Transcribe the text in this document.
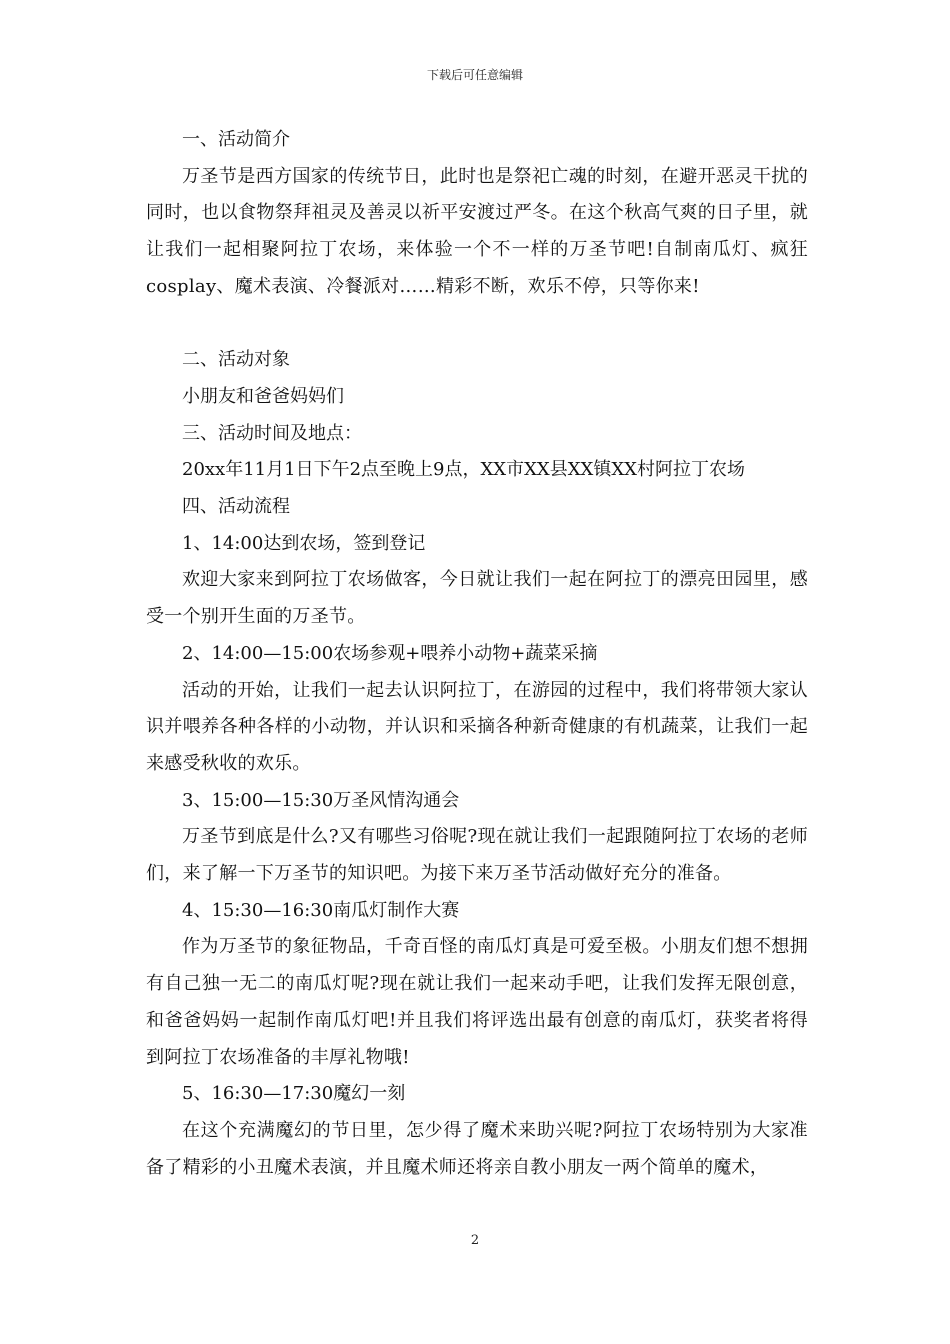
下载后可任意编辑

一、活动简介

万圣节是西方国家的传统节日，此时也是祭祀亡魂的时刻，在避开恶灵干扰的同时，也以食物祭拜祖灵及善灵以祈平安渡过严冬。在这个秋高气爽的日子里，就让我们一起相聚阿拉丁农场，来体验一个不一样的万圣节吧!自制南瓜灯、疯狂cosplay、魔术表演、冷餐派对……精彩不断，欢乐不停，只等你来!

二、活动对象

小朋友和爸爸妈妈们

三、活动时间及地点：

20xx年11月1日下午2点至晚上9点，XX市XX县XX镇XX村阿拉丁农场

四、活动流程

1、14:00达到农场，签到登记

欢迎大家来到阿拉丁农场做客，今日就让我们一起在阿拉丁的漂亮田园里，感受一个别开生面的万圣节。

2、14:00—15:00农场参观+喂养小动物+蔬菜采摘

活动的开始，让我们一起去认识阿拉丁，在游园的过程中，我们将带领大家认识并喂养各种各样的小动物，并认识和采摘各种新奇健康的有机蔬菜，让我们一起来感受秋收的欢乐。

3、15:00—15:30万圣风情沟通会

万圣节到底是什么?又有哪些习俗呢?现在就让我们一起跟随阿拉丁农场的老师们，来了解一下万圣节的知识吧。为接下来万圣节活动做好充分的准备。

4、15:30—16:30南瓜灯制作大赛

作为万圣节的象征物品，千奇百怪的南瓜灯真是可爱至极。小朋友们想不想拥有自己独一无二的南瓜灯呢?现在就让我们一起来动手吧，让我们发挥无限创意，和爸爸妈妈一起制作南瓜灯吧!并且我们将评选出最有创意的南瓜灯，获奖者将得到阿拉丁农场准备的丰厚礼物哦!

5、16:30—17:30魔幻一刻

在这个充满魔幻的节日里，怎少得了魔术来助兴呢?阿拉丁农场特别为大家准备了精彩的小丑魔术表演，并且魔术师还将亲自教小朋友一两个简单的魔术，

2
